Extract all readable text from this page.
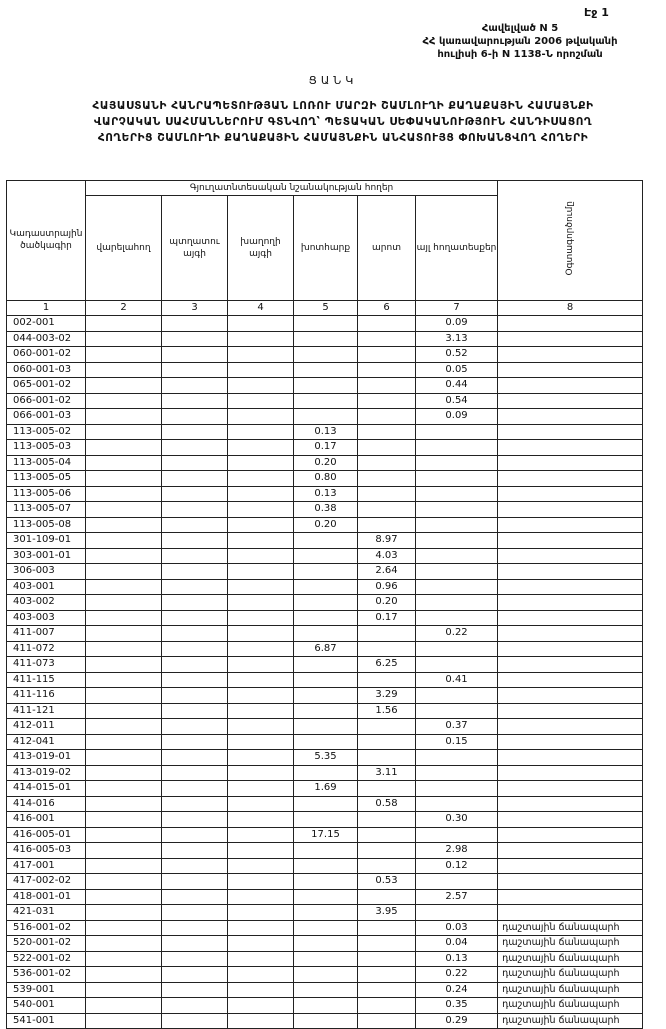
Էջ 1
Հավելված N 5
ՀՀ կառավարության 2006 թվականի
հուլիսի 6-ի N 1138-Ն որոշման
ՑԱՆԿ
ՀԱՅԱՍՏԱՆԻ ՀԱՆՐԱՊԵՏՈՒԹՅԱՆ ԼՈՌՈՒ ՄԱՐԶԻ ՇԱՄԼՈՒՂԻ ՔԱՂԱՔԱՅԻՆ ՀԱՄԱՅՆՔԻ
ՎԱՐՉԱԿԱՆ ՍԱՀՄԱՆՆԵՐՈՒՄ ԳՏՆՎՈՂ՝ ՊԵՏԱԿԱՆ ՍԵՓԱԿԱՆՈՒԹՅՈՒՆ ՀԱՆԴԻՍԱՑՈՂ
ՀՈՂԵՐԻՑ ՇԱՄԼՈՒՂԻ ՔԱՂԱՔԱՅԻՆ ՀԱՄԱՅՆՔԻՆ ԱՆՀԱՏՈՒՅՑ ՓՈԽԱՆՑՎՈՂ ՀՈՂԵՐԻ
Կադաստրային ծածկագիր	Գյուղատնտեսական նշանակության հողեր						Օգտագործումը
	վարելահող	պտղատու այգի	խաղողի այգի	խոտհարք	արոտ	այլ հողատեսքեր	
1	2	3	4	5	6	7	8
002-001						0.09	
044-003-02						3.13	
060-001-02						0.52	
060-001-03						0.05	
065-001-02						0.44	
066-001-02						0.54	
066-001-03						0.09	
113-005-02				0.13			
113-005-03				0.17			
113-005-04				0.20			
113-005-05				0.80			
113-005-06				0.13			
113-005-07				0.38			
113-005-08				0.20			
301-109-01					8.97		
303-001-01					4.03		
306-003					2.64		
403-001					0.96		
403-002					0.20		
403-003					0.17		
411-007						0.22	
411-072				6.87			
411-073					6.25		
411-115						0.41	
411-116					3.29		
411-121					1.56		
412-011						0.37	
412-041						0.15	
413-019-01				5.35			
413-019-02					3.11		
414-015-01				1.69			
414-016					0.58		
416-001						0.30	
416-005-01				17.15			
416-005-03						2.98	
417-001						0.12	
417-002-02					0.53		
418-001-01						2.57	
421-031					3.95		
516-001-02						0.03	դաշտային ճանապարհ
520-001-02						0.04	դաշտային ճանապարհ
522-001-02						0.13	դաշտային ճանապարհ
536-001-02						0.22	դաշտային ճանապարհ
539-001						0.24	դաշտային ճանապարհ
540-001						0.35	դաշտային ճանապարհ
541-001						0.29	դաշտային ճանապարհ
